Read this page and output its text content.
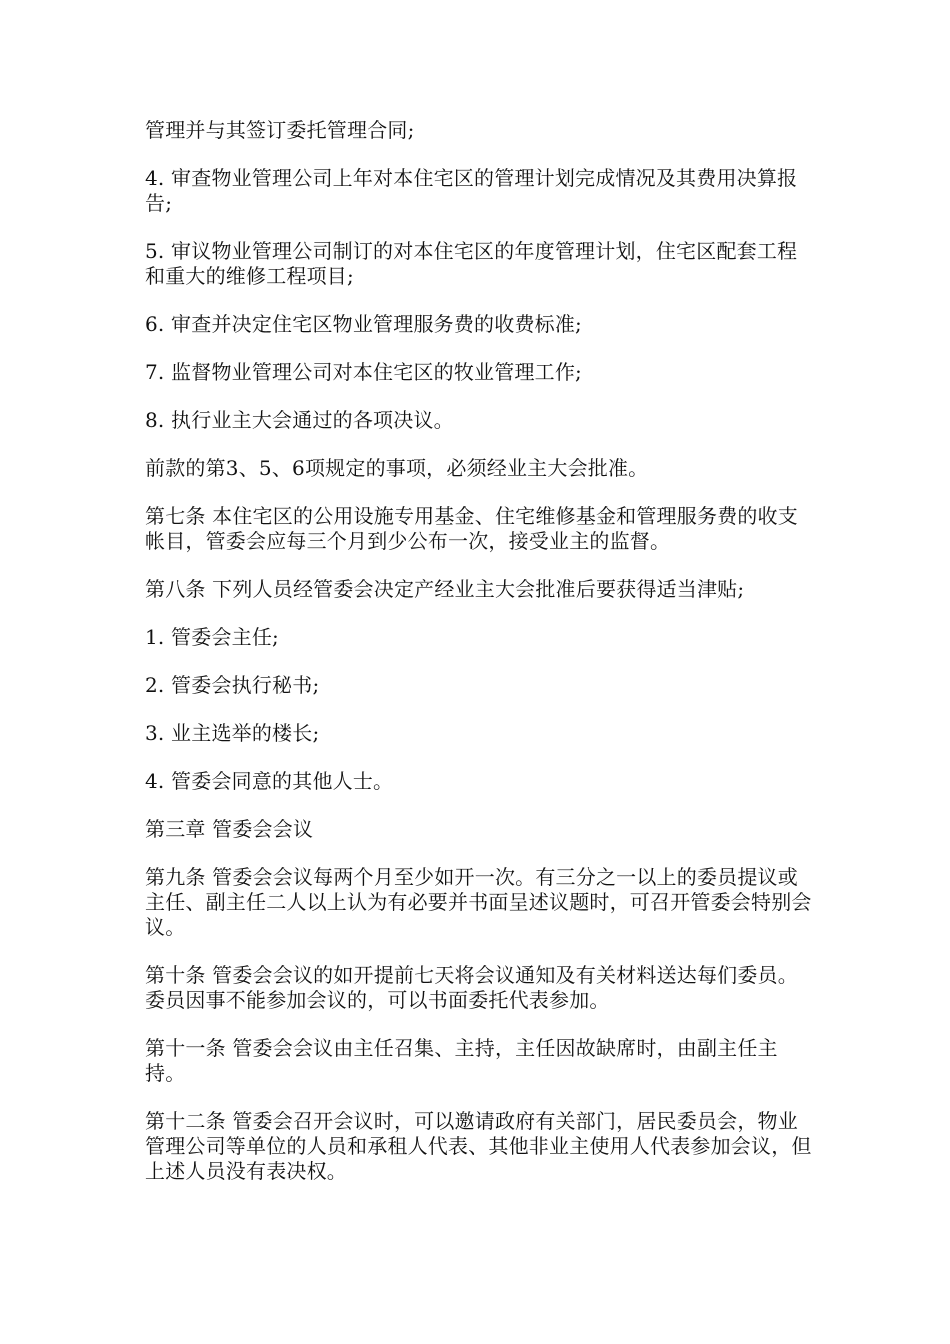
管理并与其签订委托管理合同;

4. 审查物业管理公司上年对本住宅区的管理计划完成情况及其费用决算报告;

5. 审议物业管理公司制订的对本住宅区的年度管理计划，住宅区配套工程和重大的维修工程项目;

6. 审查并决定住宅区物业管理服务费的收费标准;

7. 监督物业管理公司对本住宅区的牧业管理工作;

8. 执行业主大会通过的各项决议。

前款的第3、5、6项规定的事项，必须经业主大会批准。

第七条 本住宅区的公用设施专用基金、住宅维修基金和管理服务费的收支帐目，管委会应每三个月到少公布一次，接受业主的监督。

第八条 下列人员经管委会决定产经业主大会批准后要获得适当津贴;

1. 管委会主任;

2. 管委会执行秘书;

3. 业主选举的楼长;

4. 管委会同意的其他人士。

第三章 管委会会议

第九条 管委会会议每两个月至少如开一次。有三分之一以上的委员提议或主任、副主任二人以上认为有必要并书面呈述议题时，可召开管委会特别会议。

第十条 管委会会议的如开提前七天将会议通知及有关材料送达每们委员。委员因事不能参加会议的，可以书面委托代表参加。

第十一条 管委会会议由主任召集、主持，主任因故缺席时，由副主任主持。

第十二条 管委会召开会议时，可以邀请政府有关部门，居民委员会，物业管理公司等单位的人员和承租人代表、其他非业主使用人代表参加会议，但上述人员没有表决权。
